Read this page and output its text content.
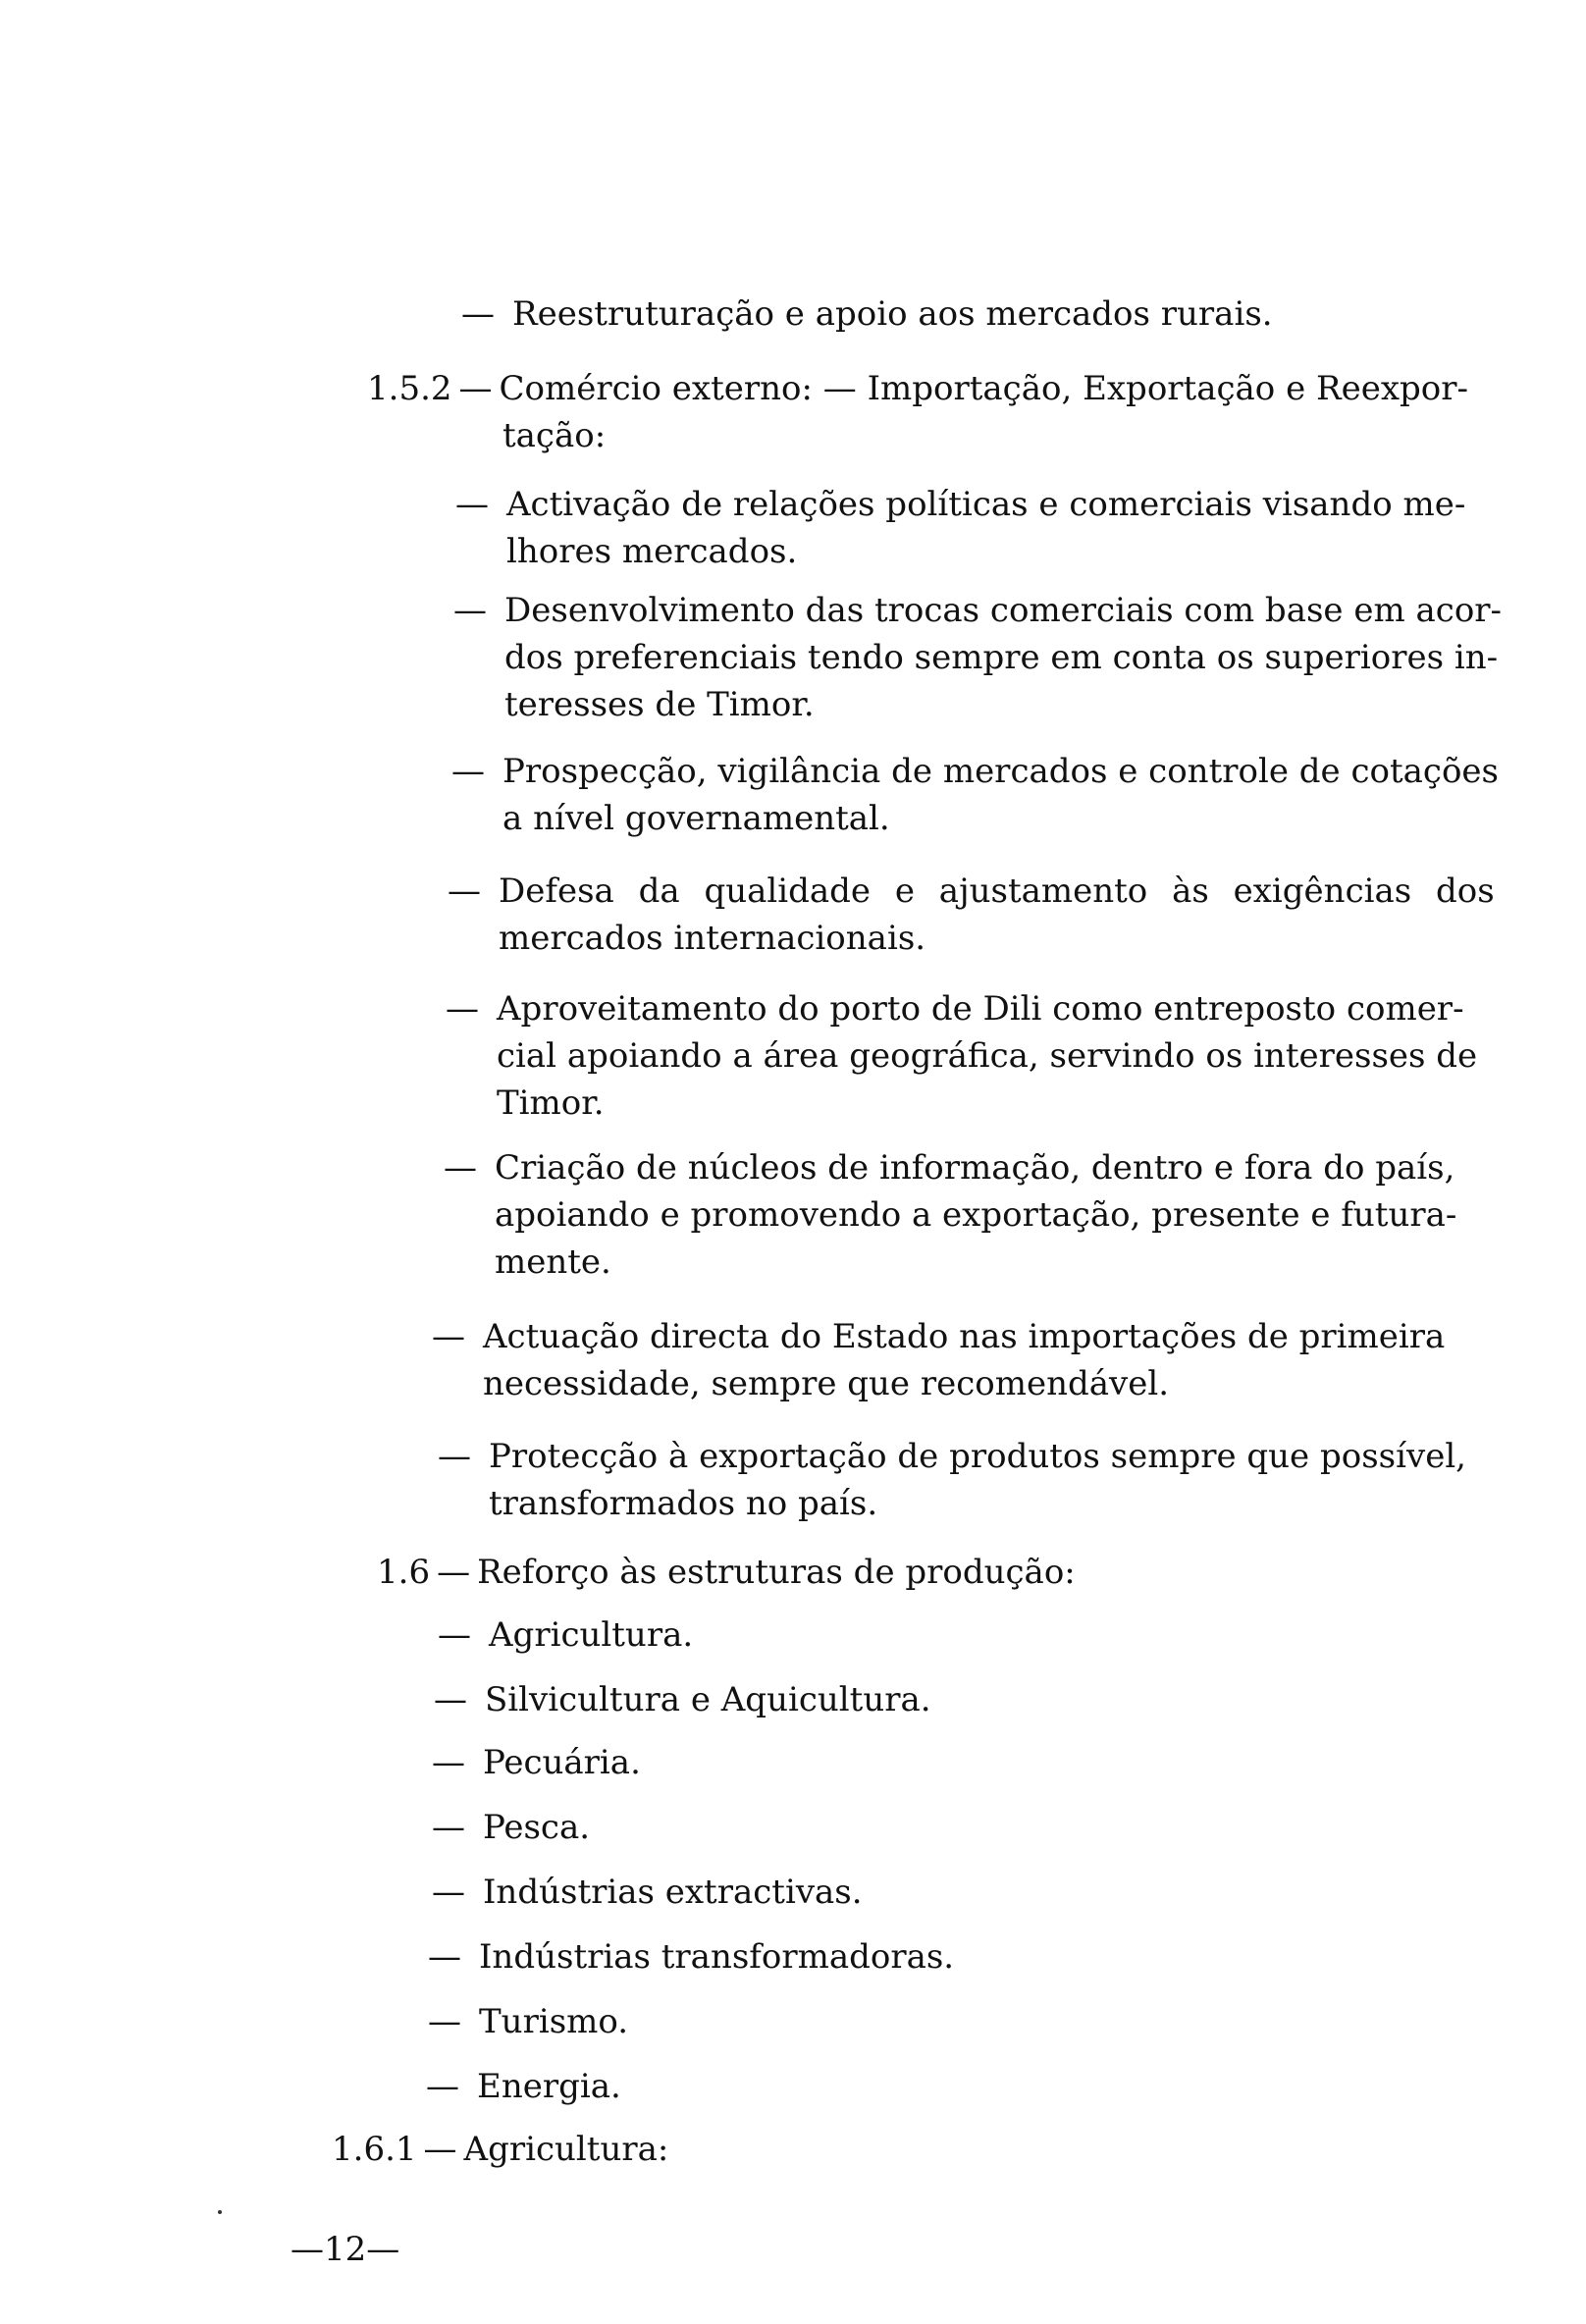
—Reestruturação e apoio aos mercados rurais.
1.5.2 — Comércio externo: — Importação, Exportação e Reexpor-
tação:
—Activação de relações políticas e comerciais visando me-
lhores mercados.
—Desenvolvimento das trocas comerciais com base em acor-
dos preferenciais tendo sempre em conta os superiores in-
teresses de Timor.
—Prospecção, vigilância de mercados e controle de cotações
a nível governamental.
—Defesa da qualidade e ajustamento às exigências dos
mercados internacionais.
—Aproveitamento do porto de Dili como entreposto comer-
cial apoiando a área geográfica, servindo os interesses de
Timor.
—Criação de núcleos de informação, dentro e fora do país,
apoiando e promovendo a exportação, presente e futura-
mente.
—Actuação directa do Estado nas importações de primeira
necessidade, sempre que recomendável.
—Protecção à exportação de produtos sempre que possível,
transformados no país.
1.6 — Reforço às estruturas de produção:
—Agricultura.
—Silvicultura e Aquicultura.
—Pecuária.
—Pesca.
—Indústrias extractivas.
—Indústrias transformadoras.
—Turismo.
—Energia.
1.6.1 — Agricultura:
—12—
